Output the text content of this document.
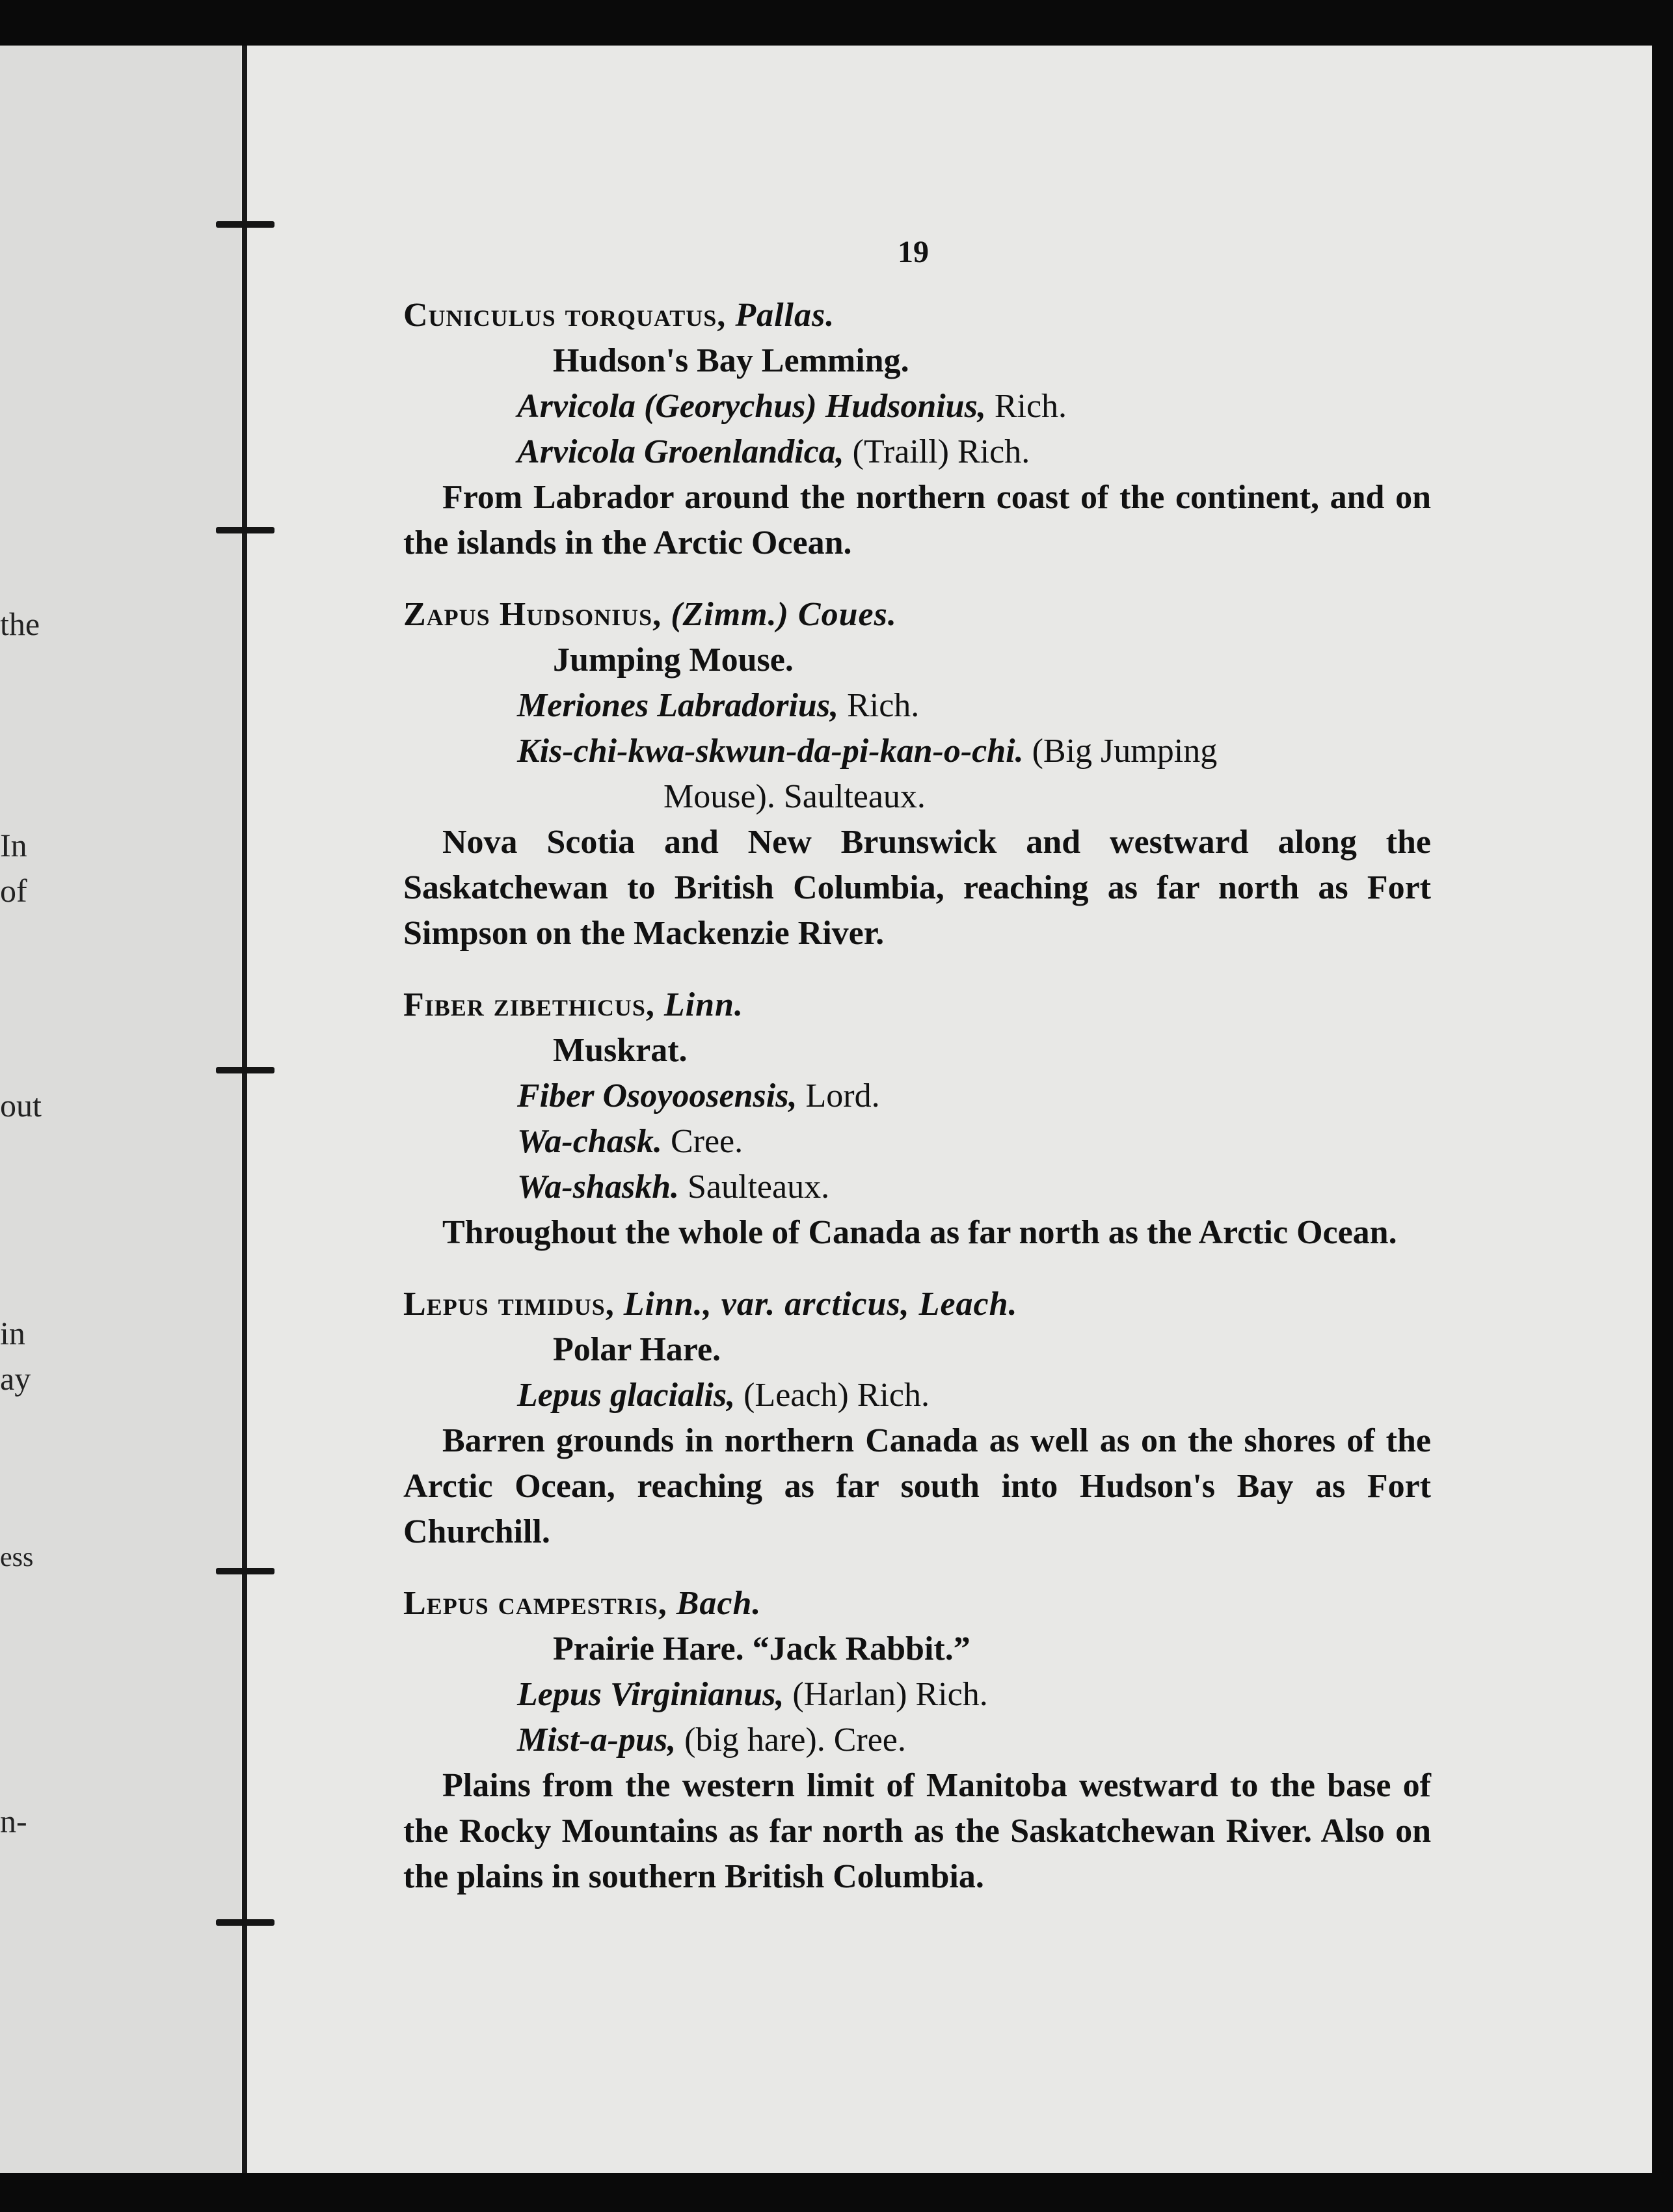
the
In
of
out
in
ay
ess
n-
19
Cuniculus torquatus, Pallas.
Hudson's Bay Lemming.
Arvicola (Georychus) Hudsonius, Rich.
Arvicola Groenlandica, (Traill) Rich.
From Labrador around the northern coast of the continent, and on the islands in the Arctic Ocean.
Zapus Hudsonius, (Zimm.) Coues.
Jumping Mouse.
Meriones Labradorius, Rich.
Kis-chi-kwa-skwun-da-pi-kan-o-chi. (Big Jumping
Mouse). Saulteaux.
Nova Scotia and New Brunswick and westward along the Saskatchewan to British Columbia, reaching as far north as Fort Simpson on the Mackenzie River.
Fiber zibethicus, Linn.
Muskrat.
Fiber Osoyoosensis, Lord.
Wa-chask. Cree.
Wa-shaskh. Saulteaux.
Throughout the whole of Canada as far north as the Arctic Ocean.
Lepus timidus, Linn., var. arcticus, Leach.
Polar Hare.
Lepus glacialis, (Leach) Rich.
Barren grounds in northern Canada as well as on the shores of the Arctic Ocean, reaching as far south into Hudson's Bay as Fort Churchill.
Lepus campestris, Bach.
Prairie Hare. “Jack Rabbit.”
Lepus Virginianus, (Harlan) Rich.
Mist-a-pus, (big hare). Cree.
Plains from the western limit of Manitoba westward to the base of the Rocky Mountains as far north as the Saskatchewan River. Also on the plains in southern British Columbia.
